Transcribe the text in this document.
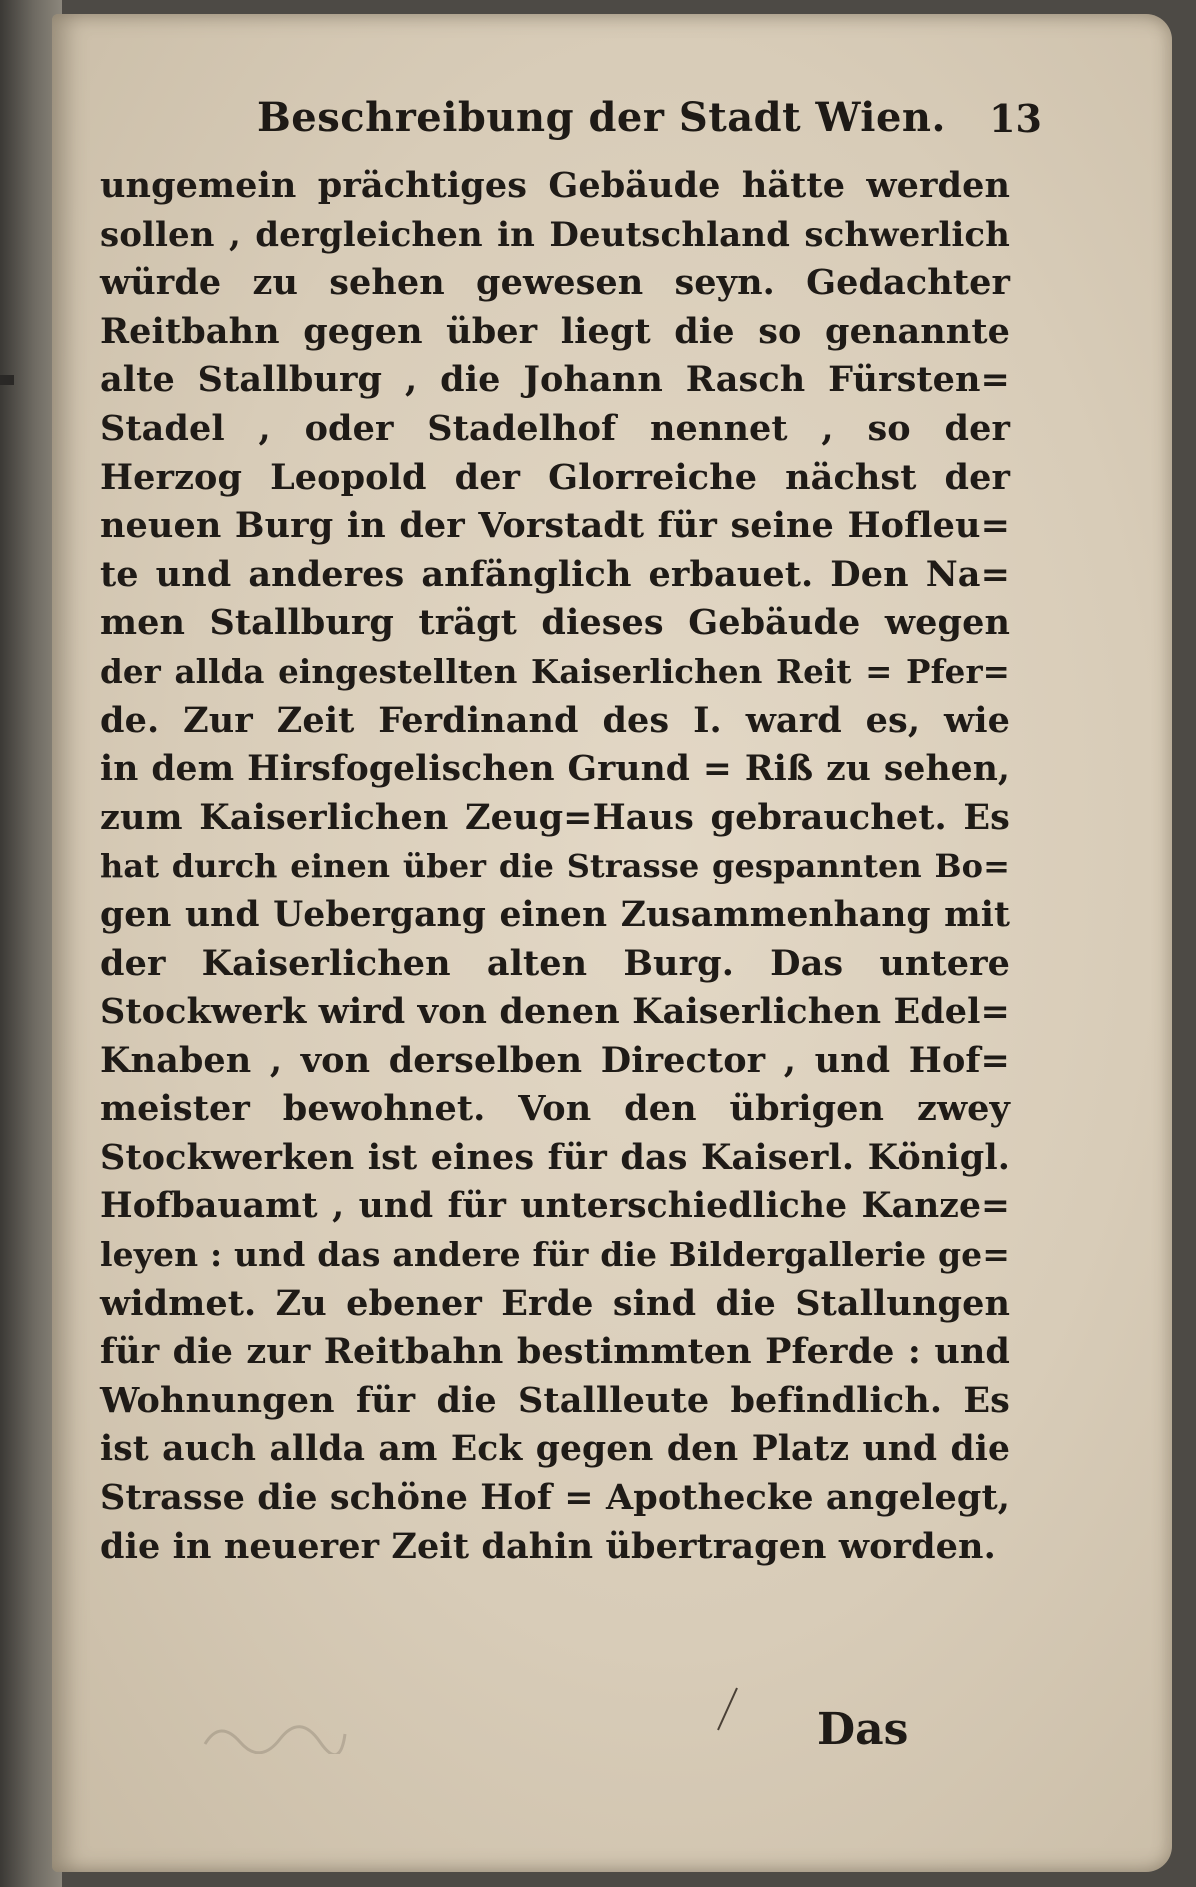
Beschreibung der Stadt Wien. 13
ungemein prächtiges Gebäude hätte werden
sollen , dergleichen in Deutschland schwerlich
würde zu sehen gewesen seyn. Gedachter
Reitbahn gegen über liegt die so genannte
alte Stallburg , die Johann Rasch Fürsten=
Stadel , oder Stadelhof nennet , so der
Herzog Leopold der Glorreiche nächst der
neuen Burg in der Vorstadt für seine Hofleu=
te und anderes anfänglich erbauet. Den Na=
men Stallburg trägt dieses Gebäude wegen
der allda eingestellten Kaiserlichen Reit = Pfer=
de. Zur Zeit Ferdinand des I. ward es, wie
in dem Hirsfogelischen Grund = Riß zu sehen,
zum Kaiserlichen Zeug=Haus gebrauchet. Es
hat durch einen über die Strasse gespannten Bo=
gen und Uebergang einen Zusammenhang mit
der Kaiserlichen alten Burg. Das untere
Stockwerk wird von denen Kaiserlichen Edel=
Knaben , von derselben Director , und Hof=
meister bewohnet. Von den übrigen zwey
Stockwerken ist eines für das Kaiserl. Königl.
Hofbauamt , und für unterschiedliche Kanze=
leyen : und das andere für die Bildergallerie ge=
widmet. Zu ebener Erde sind die Stallungen
für die zur Reitbahn bestimmten Pferde : und
Wohnungen für die Stallleute befindlich. Es
ist auch allda am Eck gegen den Platz und die
Strasse die schöne Hof = Apothecke angelegt,
die in neuerer Zeit dahin übertragen worden.
Das
